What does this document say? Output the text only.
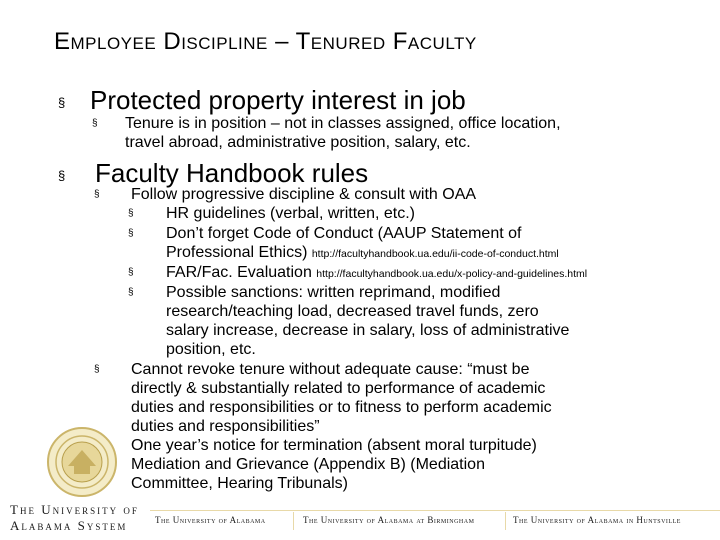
Employee Discipline – Tenured Faculty
§ Protected property interest in job
§ Tenure is in position – not in classes assigned, office location,
travel abroad, administrative position, salary, etc.
§ Faculty Handbook rules
§ Follow progressive discipline & consult with OAA
§ HR guidelines (verbal, written, etc.)
§ Don’t forget Code of Conduct (AAUP Statement of
Professional Ethics) http://facultyhandbook.ua.edu/ii-code-of-conduct.html
§ FAR/Fac. Evaluation http://facultyhandbook.ua.edu/x-policy-and-guidelines.html
§ Possible sanctions: written reprimand, modified
research/teaching load, decreased travel funds, zero
salary increase, decrease in salary, loss of administrative
position, etc.
§ Cannot revoke tenure without adequate cause: “must be
directly & substantially related to performance of academic
duties and responsibilities or to fitness to perform academic
duties and responsibilities”
One year’s notice for termination (absent moral turpitude)
Mediation and Grievance (Appendix B) (Mediation
Committee, Hearing Tribunals)
The University of
Alabama System	The University of Alabama	The University of Alabama at Birmingham	The University of Alabama in Huntsville
